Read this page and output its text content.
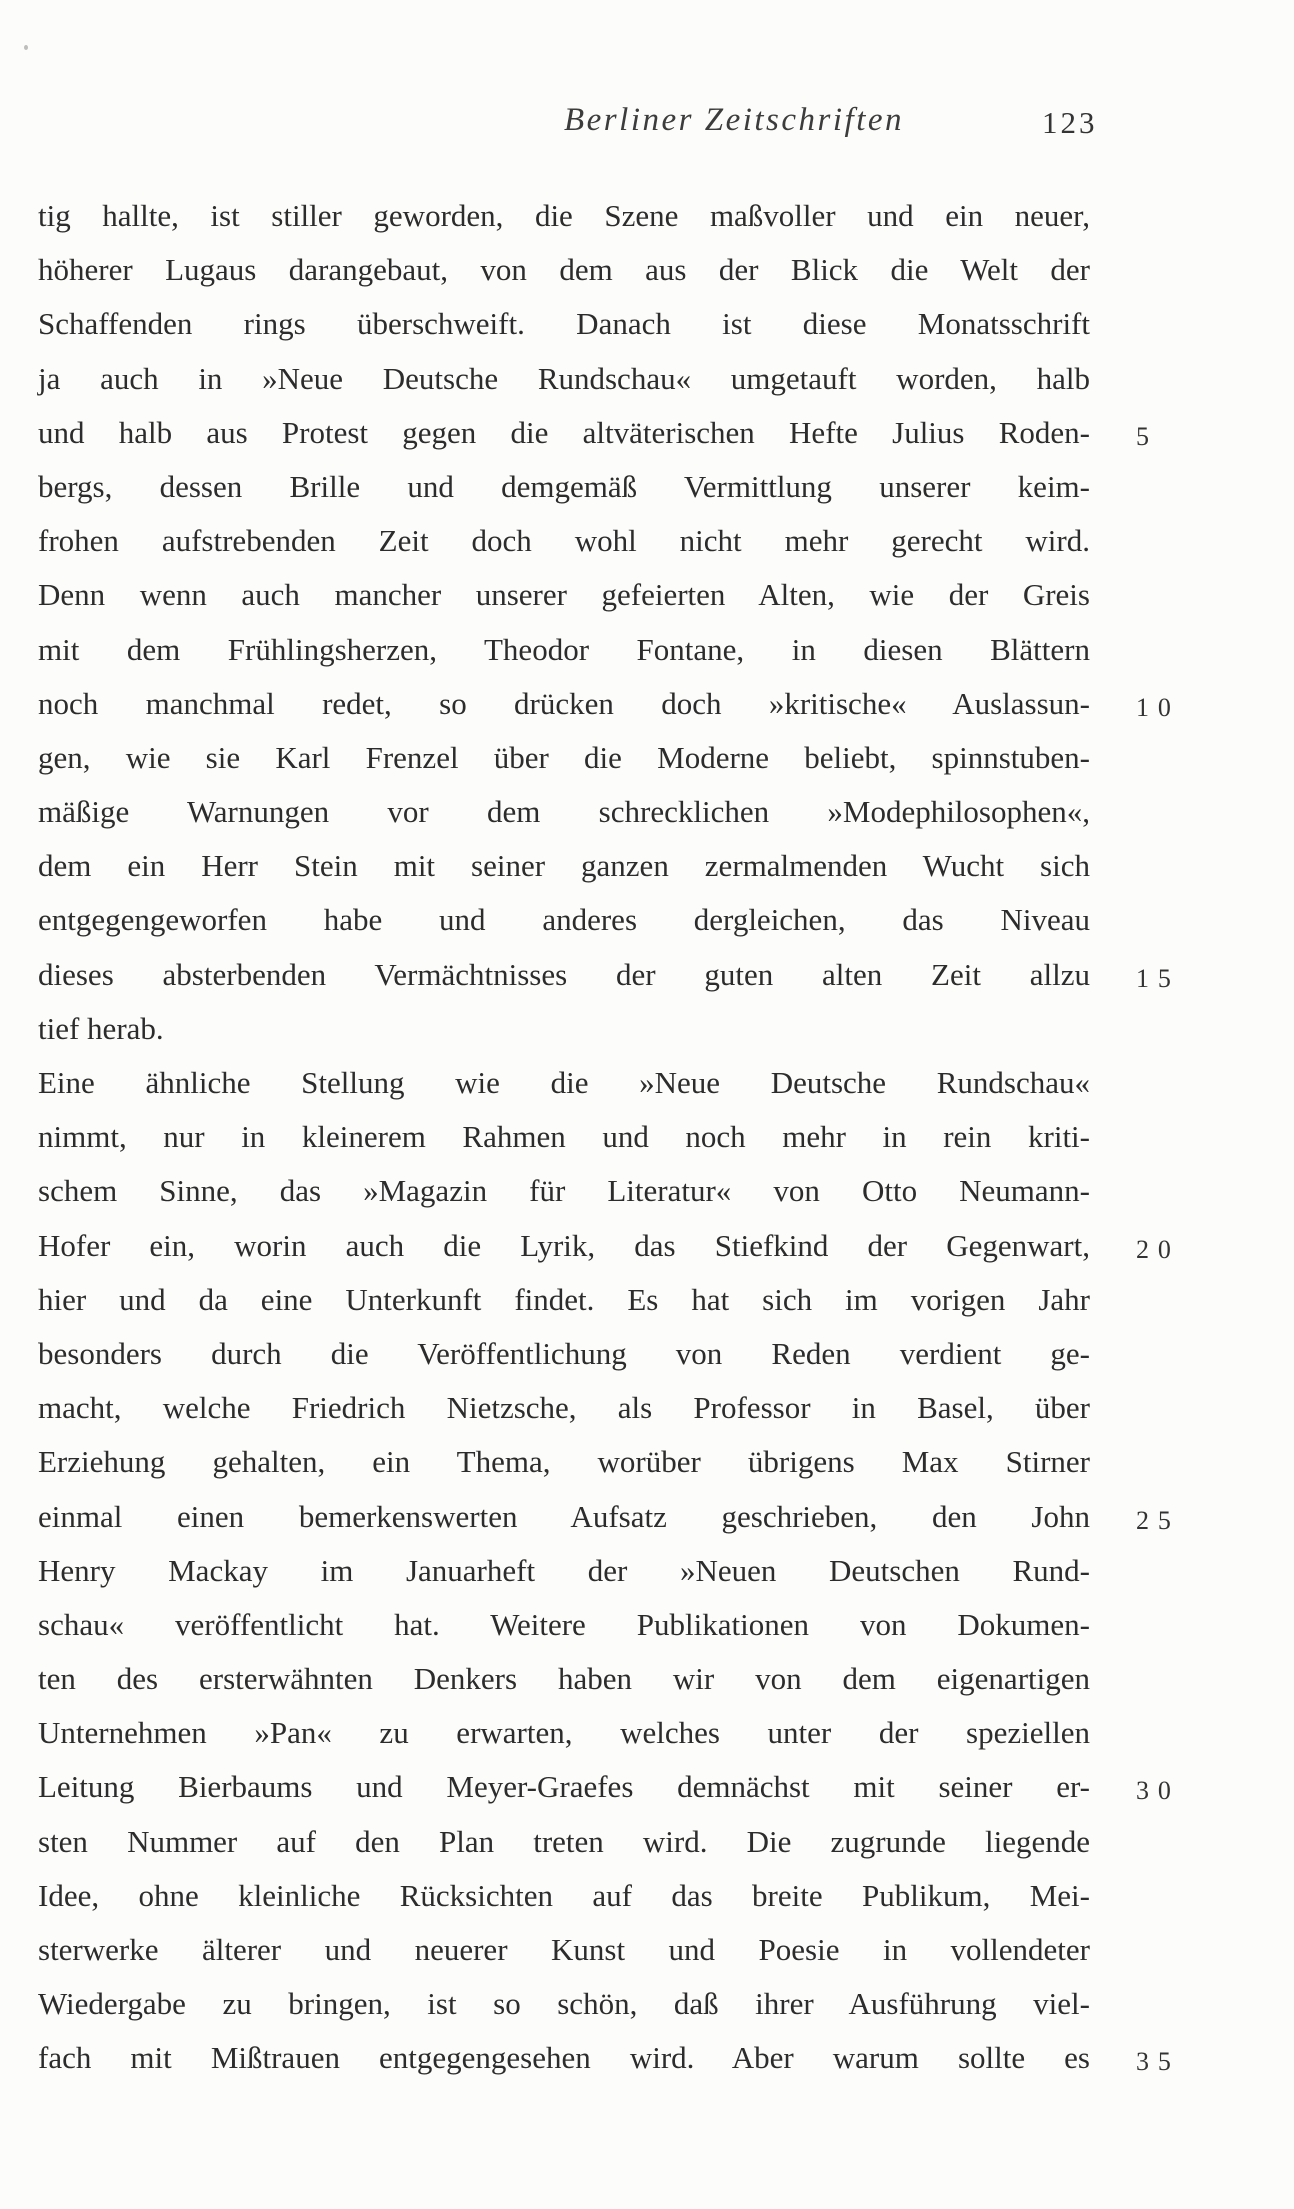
Berliner Zeitschriften	123
tig hallte, ist stiller geworden, die Szene maßvoller und ein neuer,
höherer Lugaus darangebaut, von dem aus der Blick die Welt der
Schaffenden rings überschweift. Danach ist diese Monatsschrift
ja auch in »Neue Deutsche Rundschau« umgetauft worden, halb
und halb aus Protest gegen die altväterischen Hefte Julius Roden- 5
bergs, dessen Brille und demgemäß Vermittlung unserer keim-
frohen aufstrebenden Zeit doch wohl nicht mehr gerecht wird.
Denn wenn auch mancher unserer gefeierten Alten, wie der Greis
mit dem Frühlingsherzen, Theodor Fontane, in diesen Blättern
noch manchmal redet, so drücken doch »kritische« Auslassun- 10
gen, wie sie Karl Frenzel über die Moderne beliebt, spinnstuben-
mäßige Warnungen vor dem schrecklichen »Modephilosophen«,
dem ein Herr Stein mit seiner ganzen zermalmenden Wucht sich
entgegengeworfen habe und anderes dergleichen, das Niveau
dieses absterbenden Vermächtnisses der guten alten Zeit allzu 15
tief herab.
Eine ähnliche Stellung wie die »Neue Deutsche Rundschau«
nimmt, nur in kleinerem Rahmen und noch mehr in rein kriti-
schem Sinne, das »Magazin für Literatur« von Otto Neumann-
Hofer ein, worin auch die Lyrik, das Stiefkind der Gegenwart, 20
hier und da eine Unterkunft findet. Es hat sich im vorigen Jahr
besonders durch die Veröffentlichung von Reden verdient ge-
macht, welche Friedrich Nietzsche, als Professor in Basel, über
Erziehung gehalten, ein Thema, worüber übrigens Max Stirner
einmal einen bemerkenswerten Aufsatz geschrieben, den John 25
Henry Mackay im Januarheft der »Neuen Deutschen Rund-
schau« veröffentlicht hat. Weitere Publikationen von Dokumen-
ten des ersterwähnten Denkers haben wir von dem eigenartigen
Unternehmen »Pan« zu erwarten, welches unter der speziellen
Leitung Bierbaums und Meyer-Graefes demnächst mit seiner er- 30
sten Nummer auf den Plan treten wird. Die zugrunde liegende
Idee, ohne kleinliche Rücksichten auf das breite Publikum, Mei-
sterwerke älterer und neuerer Kunst und Poesie in vollendeter
Wiedergabe zu bringen, ist so schön, daß ihrer Ausführung viel-
fach mit Mißtrauen entgegengesehen wird. Aber warum sollte es 35
